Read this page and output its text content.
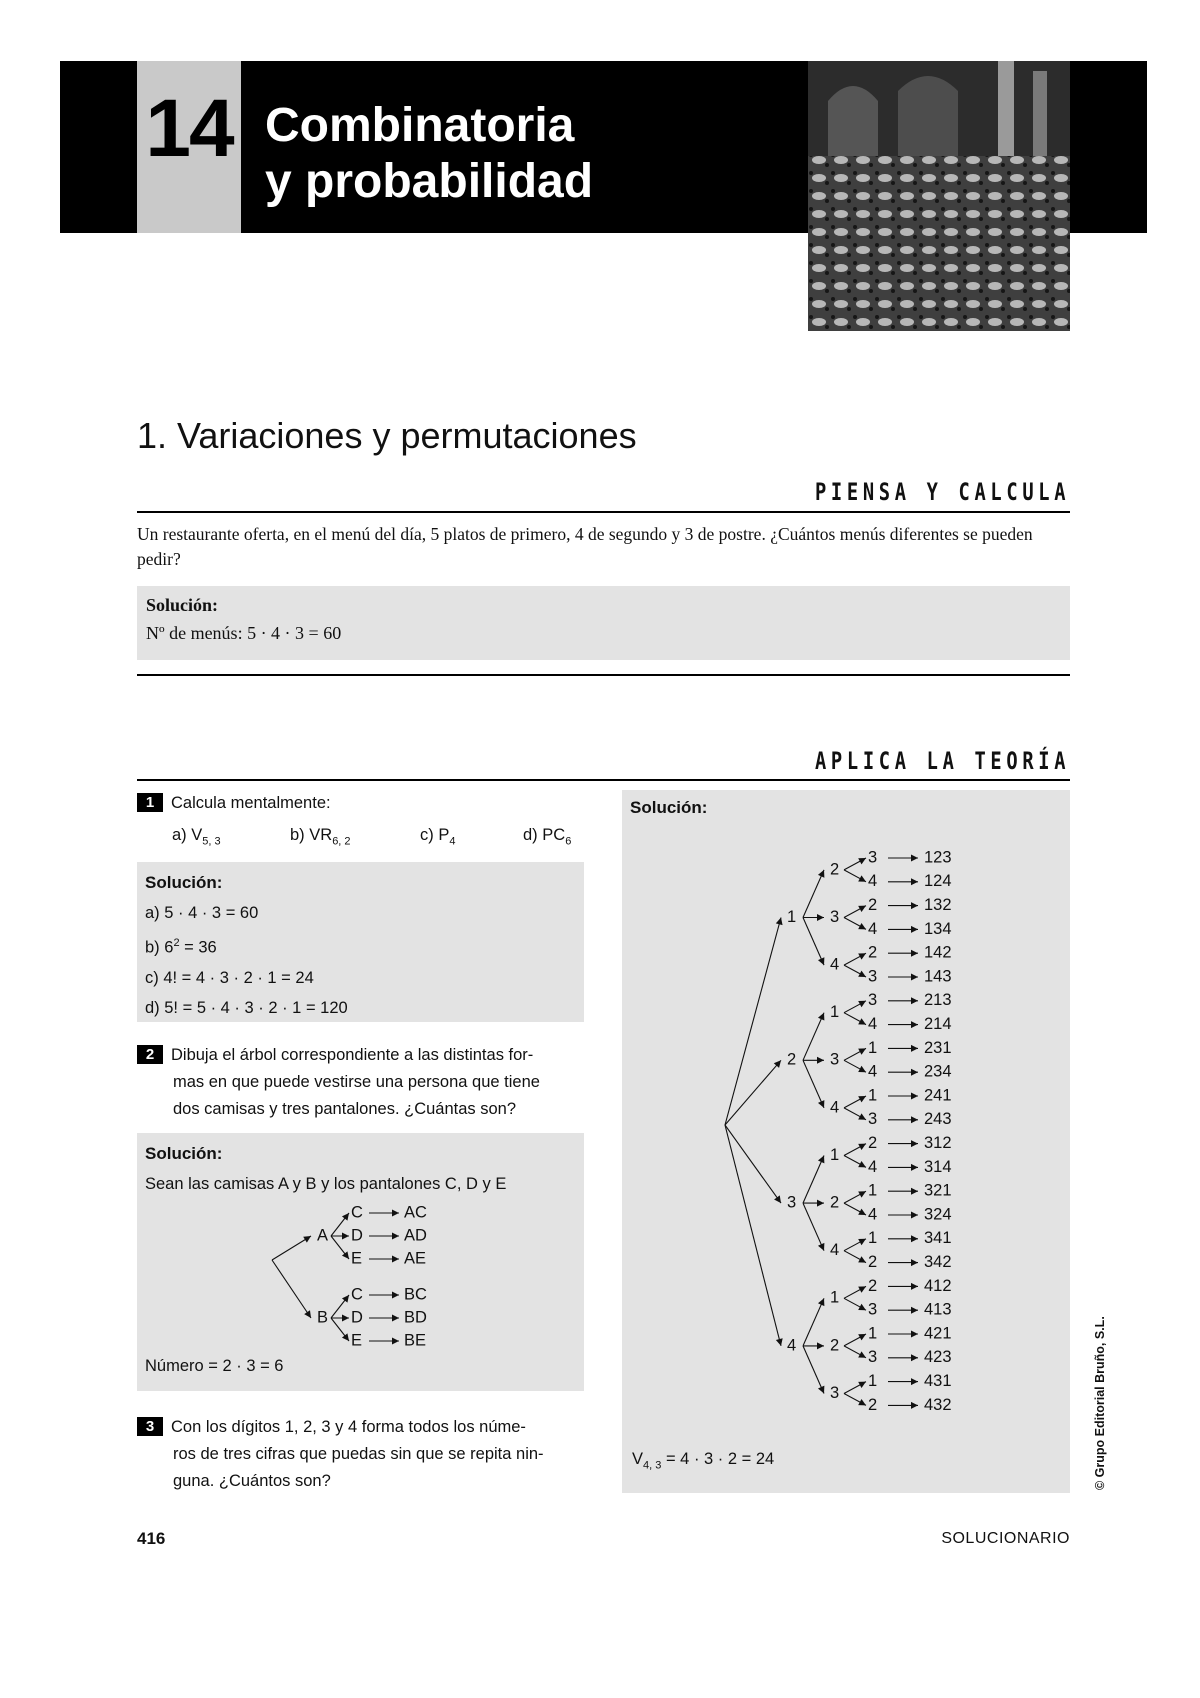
14 Combinatoria
y probabilidad
1. Variaciones y permutaciones
PIENSA Y CALCULA
Un restaurante oferta, en el menú del día, 5 platos de primero, 4 de segundo y 3 de postre. ¿Cuántos menús diferentes se pueden pedir?
Solución:
Nº de menús: 5 · 4 · 3 = 60
APLICA LA TEORÍA
1 Calcula mentalmente:
a) $V_{5, 3}$	b) $VR_{6, 2}$	c) $P_4$	d) $PC_6$
Solución:
a) 5 · 4 · 3 = 60
b) $6^2 = 36$
c) 4! = 4 · 3 · 2 · 1 = 24
d) 5! = 5 · 4 · 3 · 2 · 1 = 120
2 Dibuja el árbol correspondiente a las distintas for-
mas en que puede vestirse una persona que tiene
dos camisas y tres pantalones. ¿Cuántas son?
Solución:
Sean las camisas A y B y los pantalones C, D y E
A
C AC
D AD
E	AE
B
C BC
D BD
E	BE
Número = 2 · 3 = 6
3 Con los dígitos 1, 2, 3 y 4 forma todos los núme-
ros de tres cifras que puedas sin que se repita nin-
guna. ¿Cuántos son?
Solución:
1
2
3	123
4	124
3
2	132
4	134
4
2	142
3	143
2
1
3	213
4	214
3
1	231
4	234
4
1	241
3	243
3
1
2	312
4	314
2
1	321
4	324
4
1	341
2	342
4
1
2	412
3	413
2
1	421
3	423
3
1	431
2	432
$V_{4, 3} = 4 \cdot 3 \cdot 2 = 24$
416	SOLUCIONARIO
© Grupo Editorial Bruño, S.L.
